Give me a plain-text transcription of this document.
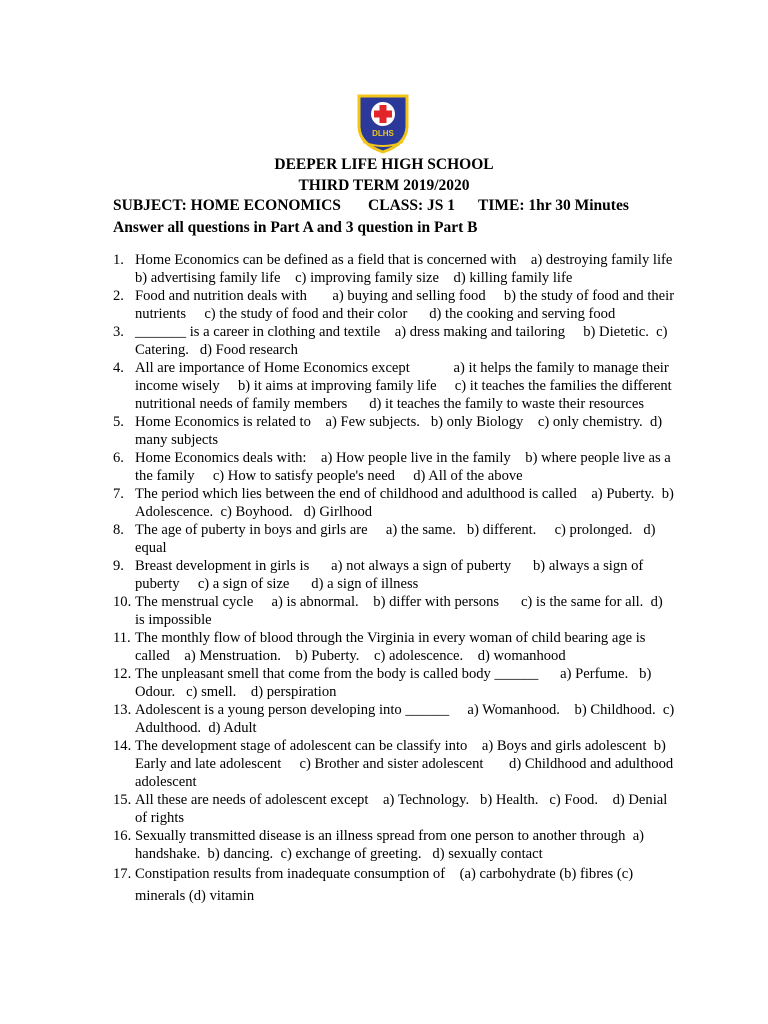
DLHS
DEEPER LIFE HIGH SCHOOL
THIRD TERM 2019/2020
SUBJECT: HOME ECONOMICS       CLASS: JS 1      TIME: 1hr 30 Minutes
Answer all questions in Part A and 3 question in Part B
1. Home Economics can be defined as a field that is concerned with    a) destroying family life   b) advertising family life    c) improving family size    d) killing family life
2. Food and nutrition deals with       a) buying and selling food     b) the study of food and their nutrients     c) the study of food and their color      d) the cooking and serving food
3. _______ is a career in clothing and textile    a) dress making and tailoring     b) Dietetic.  c)  Catering.   d) Food research
4. All are importance of Home Economics except            a) it helps the family to manage their income wisely     b) it aims at improving family life     c) it teaches the families the different nutritional needs of family members      d) it teaches the family to waste their resources
5. Home Economics is related to    a) Few subjects.   b) only Biology    c) only chemistry.  d) many subjects
6. Home Economics deals with:    a) How people live in the family    b) where people live as a the family     c) How to satisfy people's need     d) All of the above
7. The period which lies between the end of childhood and adulthood is called    a) Puberty.  b) Adolescence.  c) Boyhood.   d) Girlhood
8. The age of puberty in boys and girls are     a) the same.   b) different.     c) prolonged.   d) equal
9. Breast development in girls is      a) not always a sign of puberty      b) always a sign of puberty     c) a sign of size      d) a sign of illness
10. The menstrual cycle     a) is abnormal.    b) differ with persons      c) is the same for all.  d) is impossible
11. The monthly flow of blood through the Virginia in every woman of child bearing age is called    a) Menstruation.    b) Puberty.    c) adolescence.    d) womanhood
12. The unpleasant smell that come from the body is called body ______      a) Perfume.   b) Odour.   c) smell.    d) perspiration
13. Adolescent is a young person developing into ______     a) Womanhood.    b) Childhood.  c) Adulthood.  d) Adult
14. The development stage of adolescent can be classify into    a) Boys and girls adolescent  b) Early and late adolescent     c) Brother and sister adolescent       d) Childhood and adulthood adolescent
15. All these are needs of adolescent except    a) Technology.   b) Health.   c) Food.    d) Denial of rights
16. Sexually transmitted disease is an illness spread from one person to another through  a) handshake.  b) dancing.  c) exchange of greeting.   d) sexually contact
17. Constipation results from inadequate consumption of    (a) carbohydrate (b) fibres (c) minerals (d) vitamin
